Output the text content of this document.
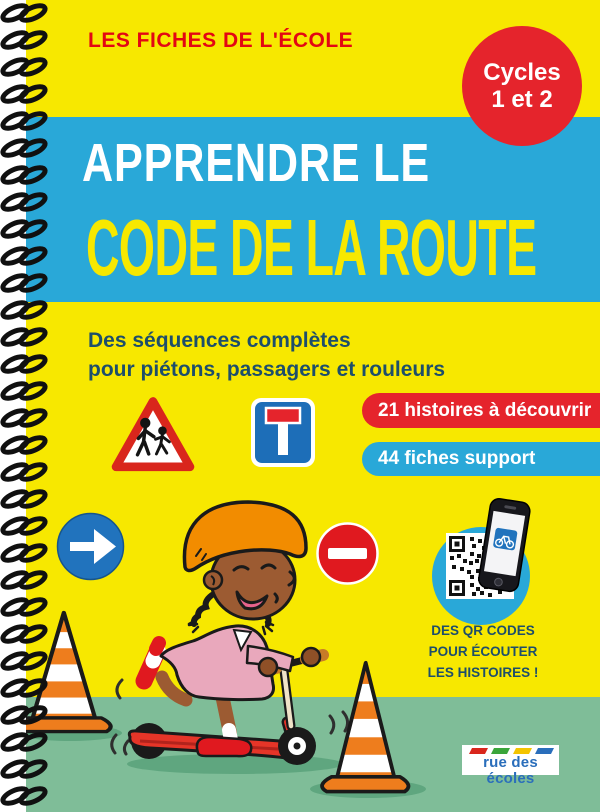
LES FICHES DE L'ÉCOLE
Cycles
1 et 2
APPRENDRE LE
CODE DE LA ROUTE
Des séquences complètes
pour piétons, passagers et rouleurs
21 histoires à découvrir
44 fiches support
DES QR CODES
POUR ÉCOUTER
LES HISTOIRES !
rue des écoles
